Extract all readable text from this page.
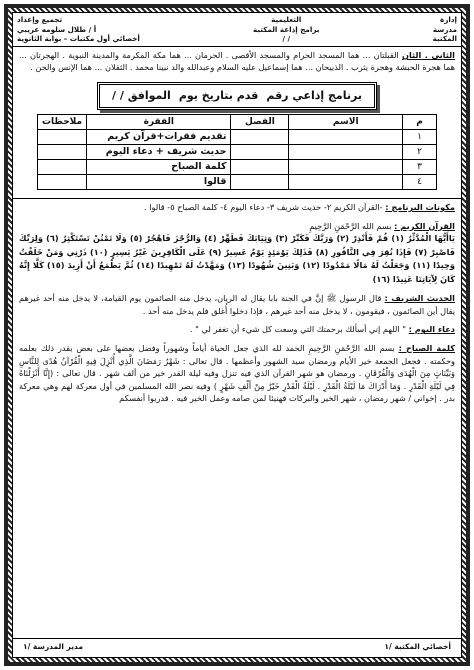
إدارة
مدرسة
المكتبة
التعليمية
برامج إذاعة المكتبة
/ /
تجميع وإعداد
أ / طلال سلومه عريبي
أخصائي أول مكتبات – بوابة الثانوية
الثاني . الثان القبلتان ... هما المسجد الحرام والمسجد الأقصى . الحرمان ... هما مكة المكرمة والمدينة النبوية . الهجرتان ... هما هجرة الحبشة وهجرة يثرب . الذبيحان ... هما إسماعيل عليه السلام وعبدالله والد نبينا محمد . الثقلان ... هما الإنس والجن .
برنامج إذاعي رقم
قدم بتاريخ يوم
الموافق / /
م	الاسم	الفصل	الفقرة	ملاحظات
١			تقديم فقرات+قرآن كريم	
٢			حديث شريف + دعاء اليوم	
٣			كلمة الصباح	
٤			قالوا	
مكونات البرنامج : -القرآن الكريم ٢- حديث شريف ٣- دعاء اليوم ٤- كلمة الصباح ٥- قالوا .
القرآن الكريم : بسم الله الرَّحْمَنِ الرَّحِيمِ
يَاأَيُّهَا الْمُدَّثِّرُ (١) قُمْ فَأَنْذِرْ (٢) وَرَبَّكَ فَكَبِّرْ (٣) وَثِيَابَكَ فَطَهِّرْ (٤) وَالرُّجْزَ فَاهْجُرْ (٥) وَلَا تَمْنُنْ تَسْتَكْثِرُ (٦) وَلِرَبِّكَ فَاصْبِرْ (٧) فَإِذَا نُقِرَ فِي النَّاقُورِ (٨) فَذَلِكَ يَوْمَئِذٍ يَوْمٌ عَسِيرٌ (٩) عَلَى الْكَافِرِينَ غَيْرُ يَسِيرٍ (١٠) ذَرْنِي وَمَنْ خَلَقْتُ وَحِيدًا (١١) وَجَعَلْتُ لَهُ مَالًا مَمْدُودًا (١٢) وَبَنِينَ شُهُودًا (١٣) وَمَهَّدْتُ لَهُ تَمْهِيدًا (١٤) ثُمَّ يَطْمَعُ أَنْ أَزِيدَ (١٥) كَلَّا إِنَّهُ كَانَ لِآيَاتِنَا عَنِيدًا (١٦)
الحديث الشريف : قال الرسول ﷺ إنَّ في الجنة بابا يقال له الريان، يدخل منه الصائمون يوم القيامة، لا يدخل منه أحد غيرهم يقال أين الصائمون ، فيقومون ، لا يدخل منه أحد غيرهم ، فإذا دخلوا أُغلق فلم يدخل منه أحد .
دعاء اليوم : " اللهم إني أسألك برحمتك التي وسعت كل شيء أن تغفر لي " .
كلمة الصباح : بسم الله الرَّحْمَنِ الرَّحِيمِ الحمد لله الذي جعل الحياة أياماً وشهوراً وفضل بعضها على بعض بقدر ذلك بعلمه وحكمته . فجعل الجمعة خير الأيام ورمضان سيد الشهور وأعظمها . قال تعالى : شَهْرُ رَمَضَانَ الَّذِي أُنْزِلَ فِيهِ الْقُرْآنُ هُدًى لِلنَّاسِ وَبَيِّنَاتٍ مِنَ الْهُدَى وَالْفُرْقَانِ . ورمضان هو شهر القرآن الذي فيه تنزل وفيه ليلة القدر خير من ألف شهر . قال تعالى : (إِنَّا أَنْزَلْنَاهُ فِي لَيْلَةِ الْقَدْرِ . وَمَا أَدْرَاكَ مَا لَيْلَةُ الْقَدْرِ . لَيْلَةُ الْقَدْرِ خَيْرٌ مِنْ أَلْفِ شَهْرٍ ) وفيه نصر الله المسلمين في أول معركة لهم وهي معركة بدر . إخواني / شهر رمضان ، شهر الخير والبركات فهنيئا لمن صامه وعمل الخير فيه . فدربوا أنفسكم
أخصائي المكتبة /١
مدير المدرسة /١
